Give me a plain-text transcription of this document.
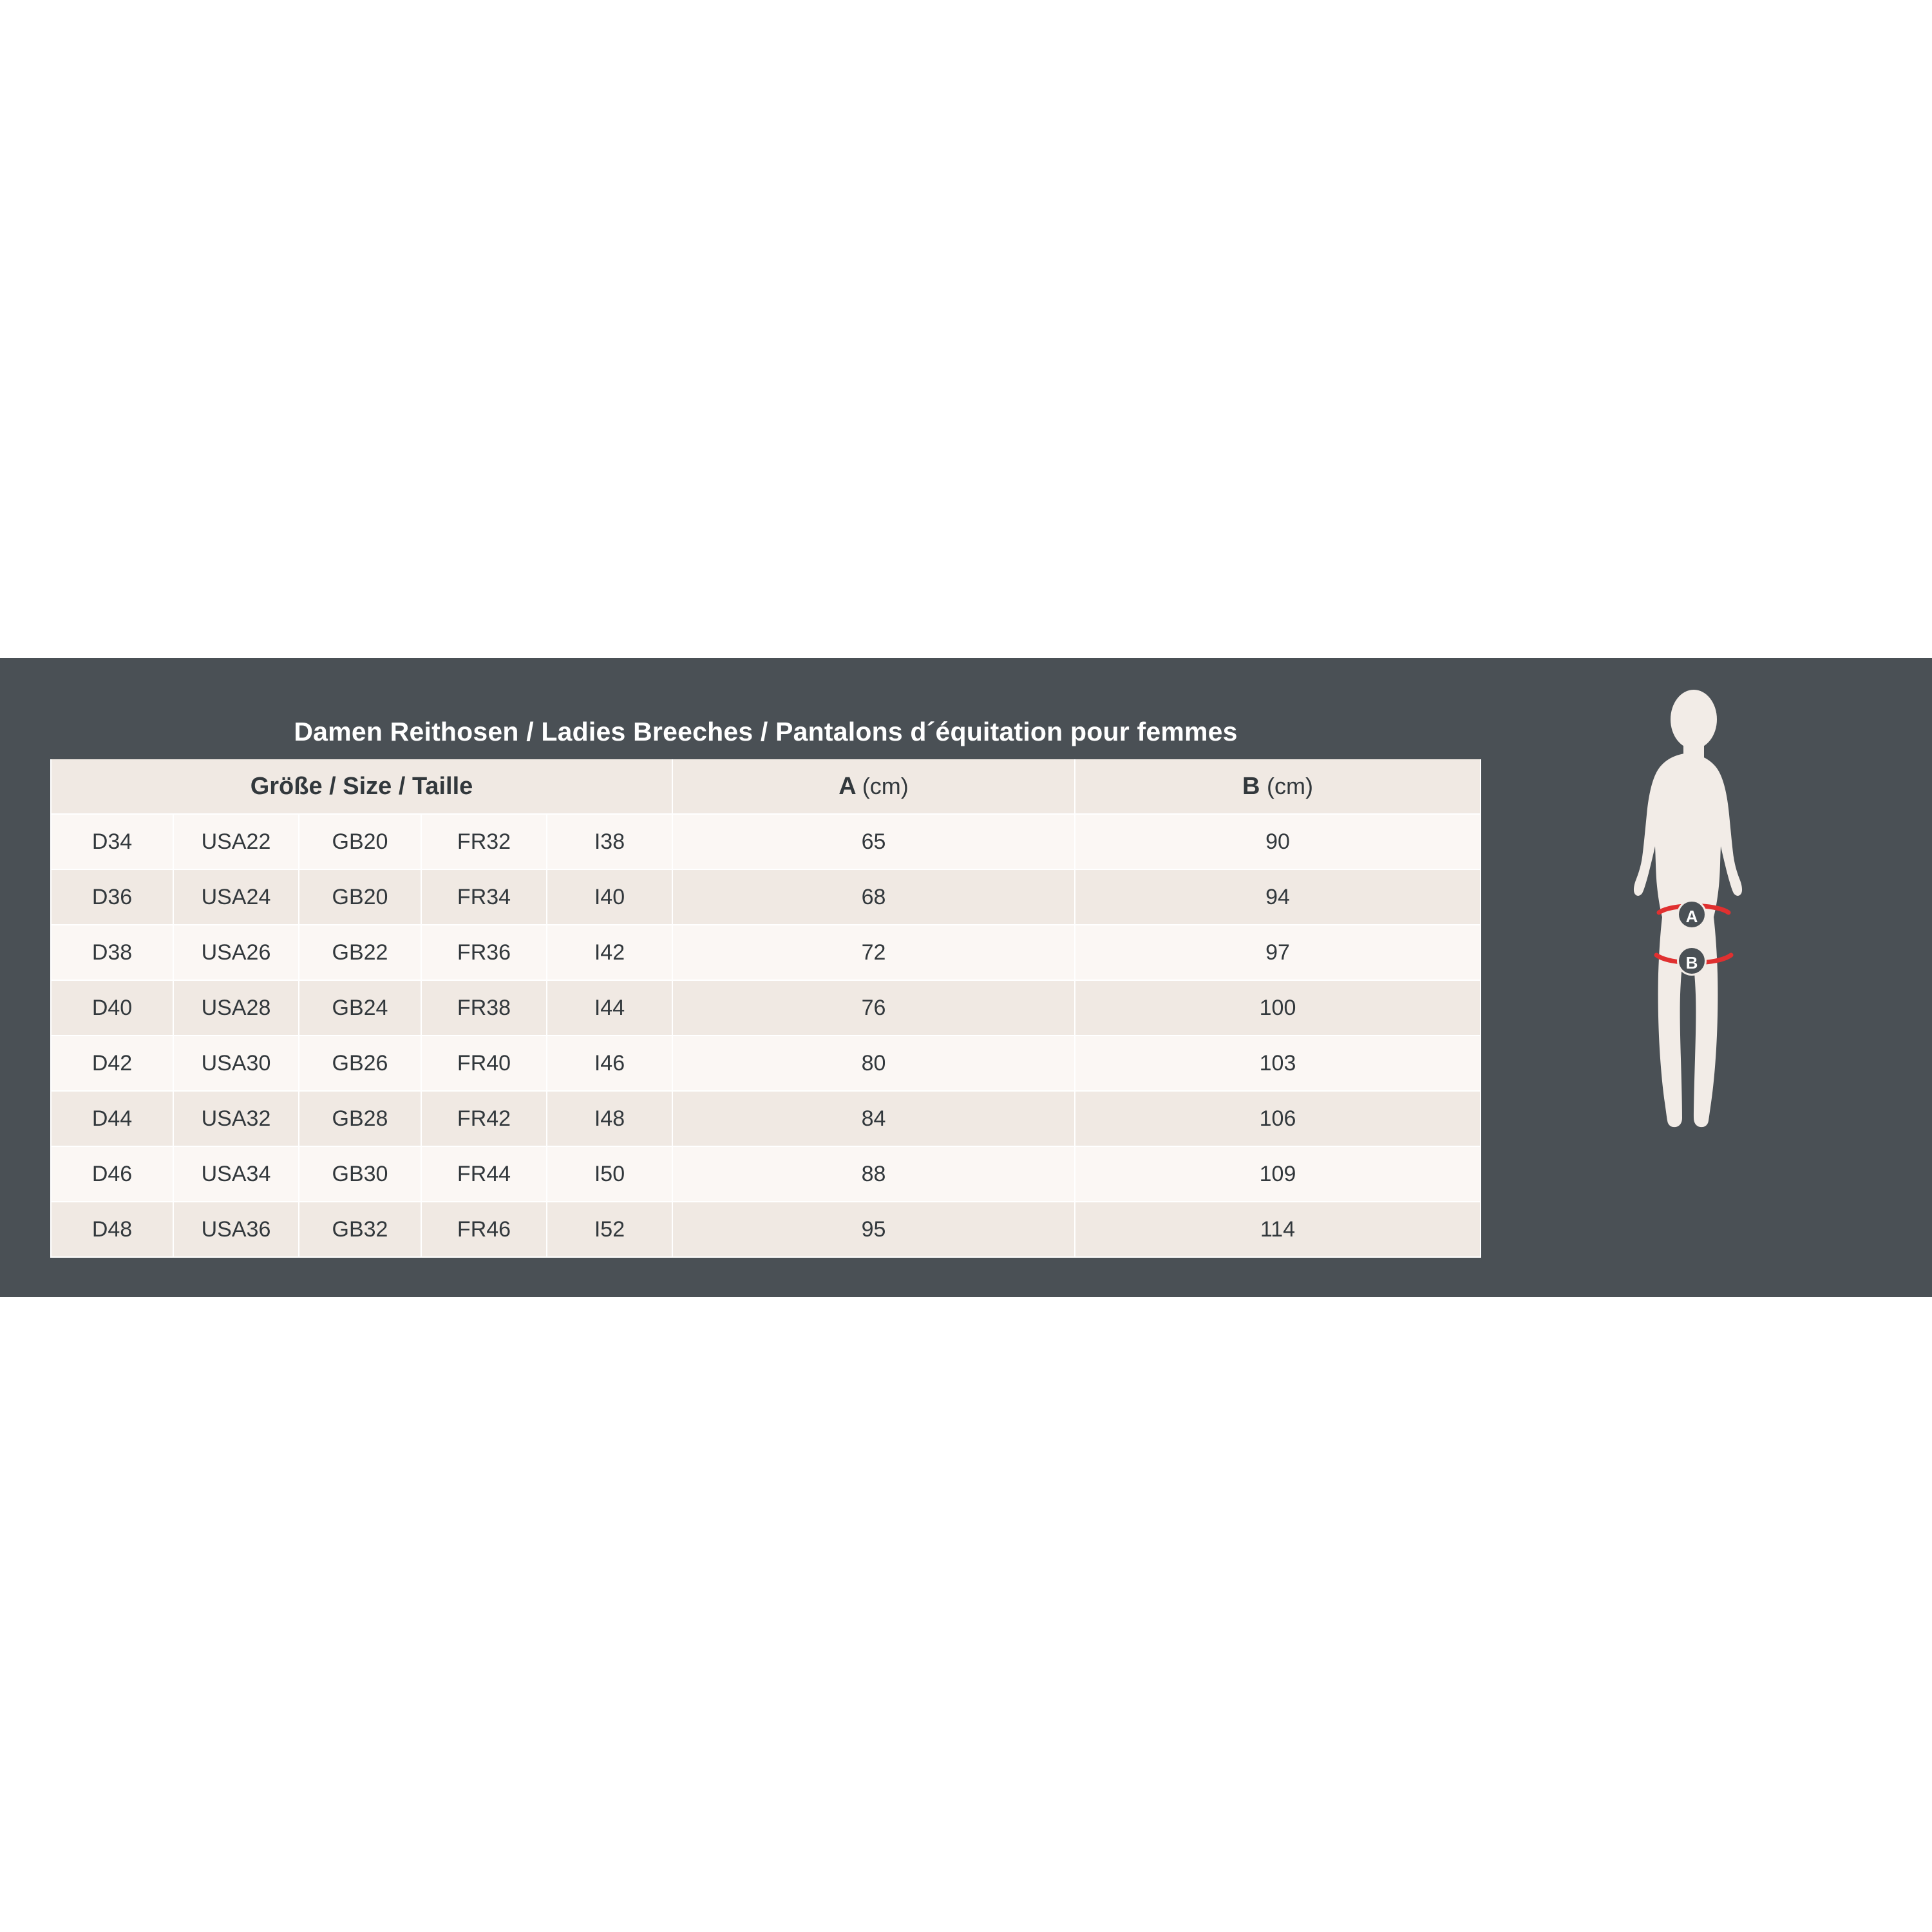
Damen Reithosen / Ladies Breeches / Pantalons d´équitation pour femmes						
Größe / Size / Taille					A (cm)	B (cm)
D34	USA22	GB20	FR32	I38	65	90
D36	USA24	GB20	FR34	I40	68	94
D38	USA26	GB22	FR36	I42	72	97
D40	USA28	GB24	FR38	I44	76	100
D42	USA30	GB26	FR40	I46	80	103
D44	USA32	GB28	FR42	I48	84	106
D46	USA34	GB30	FR44	I50	88	109
D48	USA36	GB32	FR46	I52	95	114
A
B
